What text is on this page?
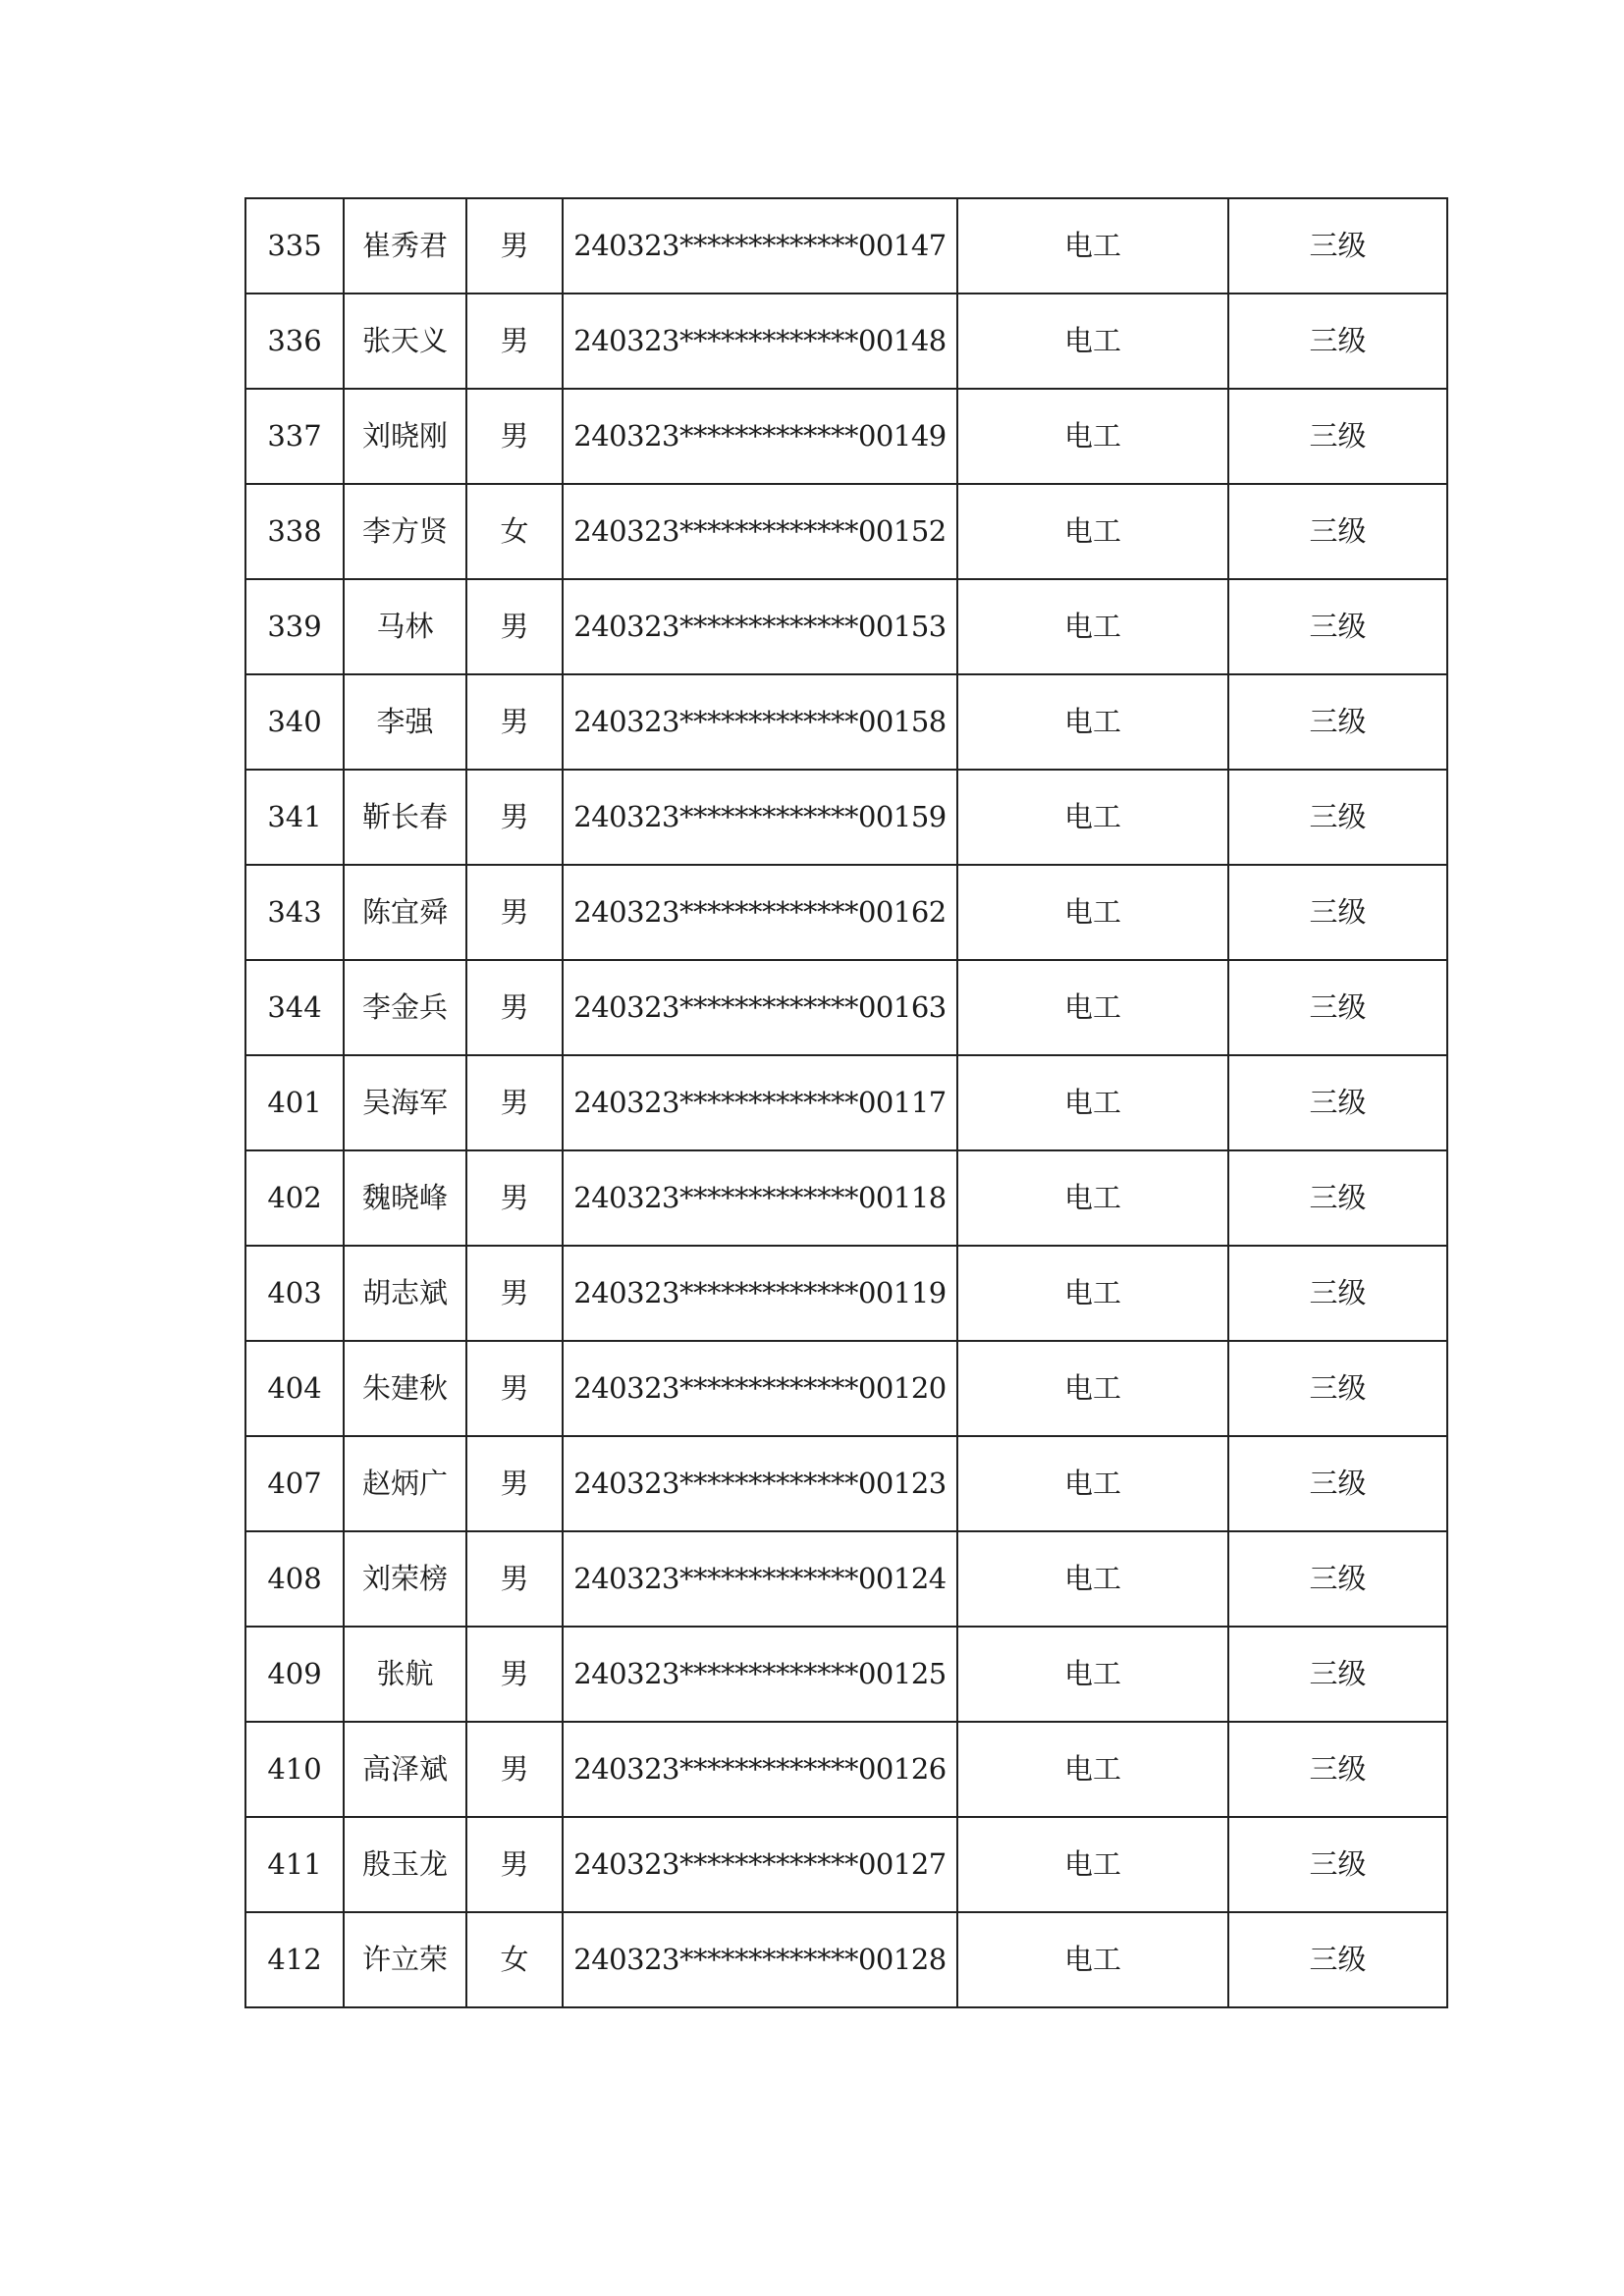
335	崔秀君	男	240323*************00147	电工	三级
336	张天义	男	240323*************00148	电工	三级
337	刘晓刚	男	240323*************00149	电工	三级
338	李方贤	女	240323*************00152	电工	三级
339	马林	男	240323*************00153	电工	三级
340	李强	男	240323*************00158	电工	三级
341	靳长春	男	240323*************00159	电工	三级
343	陈宜舜	男	240323*************00162	电工	三级
344	李金兵	男	240323*************00163	电工	三级
401	吴海军	男	240323*************00117	电工	三级
402	魏晓峰	男	240323*************00118	电工	三级
403	胡志斌	男	240323*************00119	电工	三级
404	朱建秋	男	240323*************00120	电工	三级
407	赵炳广	男	240323*************00123	电工	三级
408	刘荣榜	男	240323*************00124	电工	三级
409	张航	男	240323*************00125	电工	三级
410	高泽斌	男	240323*************00126	电工	三级
411	殷玉龙	男	240323*************00127	电工	三级
412	许立荣	女	240323*************00128	电工	三级
